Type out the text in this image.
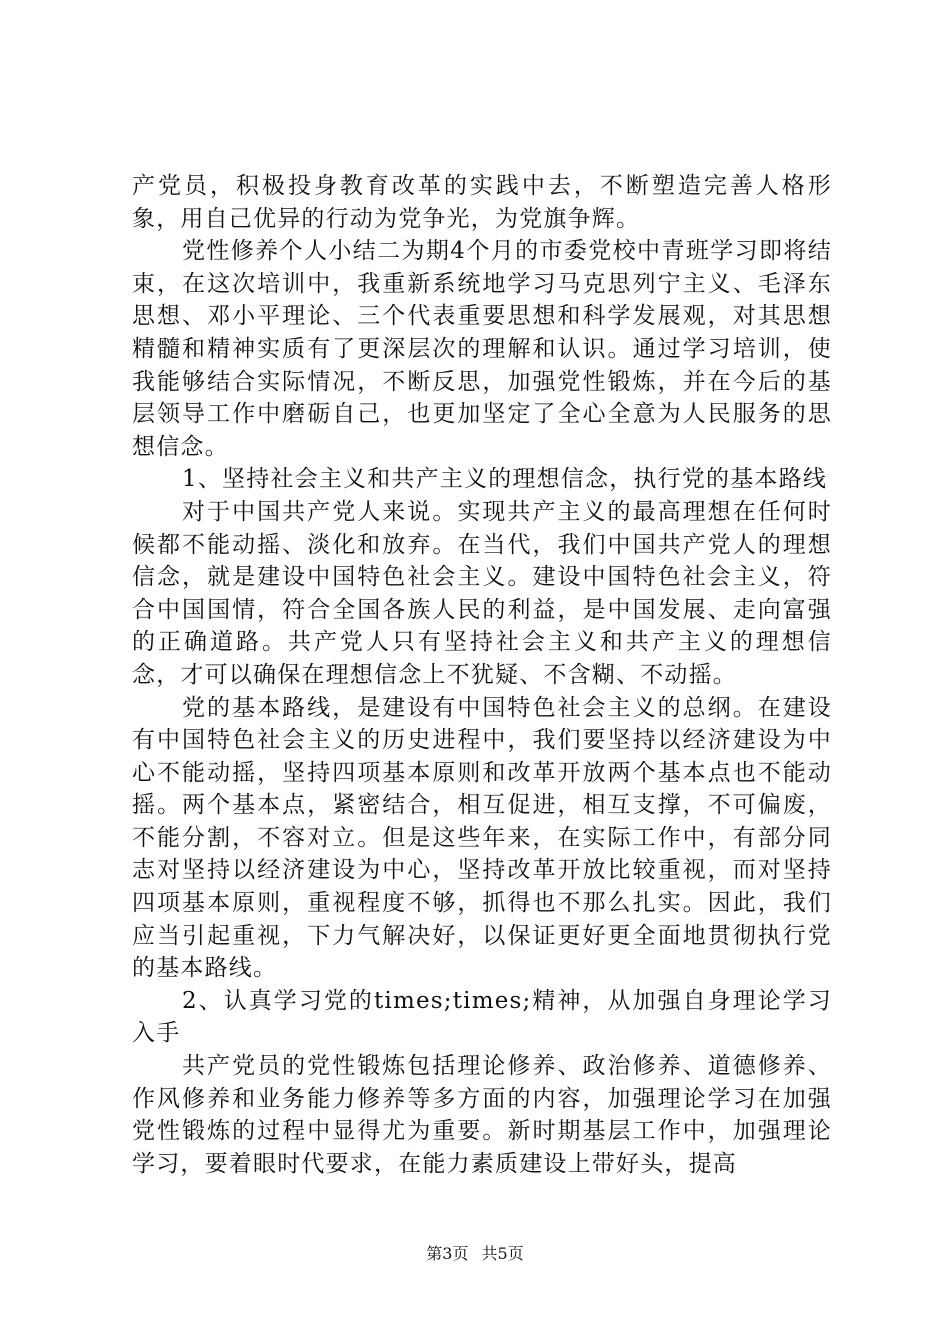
产党员，积极投身教育改革的实践中去，不断塑造完善人格形象，用自己优异的行动为党争光，为党旗争辉。

党性修养个人小结二为期4个月的市委党校中青班学习即将结束，在这次培训中，我重新系统地学习马克思列宁主义、毛泽东思想、邓小平理论、三个代表重要思想和科学发展观，对其思想精髓和精神实质有了更深层次的理解和认识。通过学习培训，使我能够结合实际情况，不断反思，加强党性锻炼，并在今后的基层领导工作中磨砺自己，也更加坚定了全心全意为人民服务的思想信念。

1、坚持社会主义和共产主义的理想信念，执行党的基本路线

对于中国共产党人来说。实现共产主义的最高理想在任何时候都不能动摇、淡化和放弃。在当代，我们中国共产党人的理想信念，就是建设中国特色社会主义。建设中国特色社会主义，符合中国国情，符合全国各族人民的利益，是中国发展、走向富强的正确道路。共产党人只有坚持社会主义和共产主义的理想信念，才可以确保在理想信念上不犹疑、不含糊、不动摇。

党的基本路线，是建设有中国特色社会主义的总纲。在建设有中国特色社会主义的历史进程中，我们要坚持以经济建设为中心不能动摇，坚持四项基本原则和改革开放两个基本点也不能动摇。两个基本点，紧密结合，相互促进，相互支撑，不可偏废，不能分割，不容对立。但是这些年来，在实际工作中，有部分同志对坚持以经济建设为中心，坚持改革开放比较重视，而对坚持四项基本原则，重视程度不够，抓得也不那么扎实。因此，我们应当引起重视，下力气解决好，以保证更好更全面地贯彻执行党的基本路线。

2、认真学习党的times;times;精神，从加强自身理论学习入手

共产党员的党性锻炼包括理论修养、政治修养、道德修养、作风修养和业务能力修养等多方面的内容，加强理论学习在加强党性锻炼的过程中显得尤为重要。新时期基层工作中，加强理论学习，要着眼时代要求，在能力素质建设上带好头，提高

第3页 共5页
